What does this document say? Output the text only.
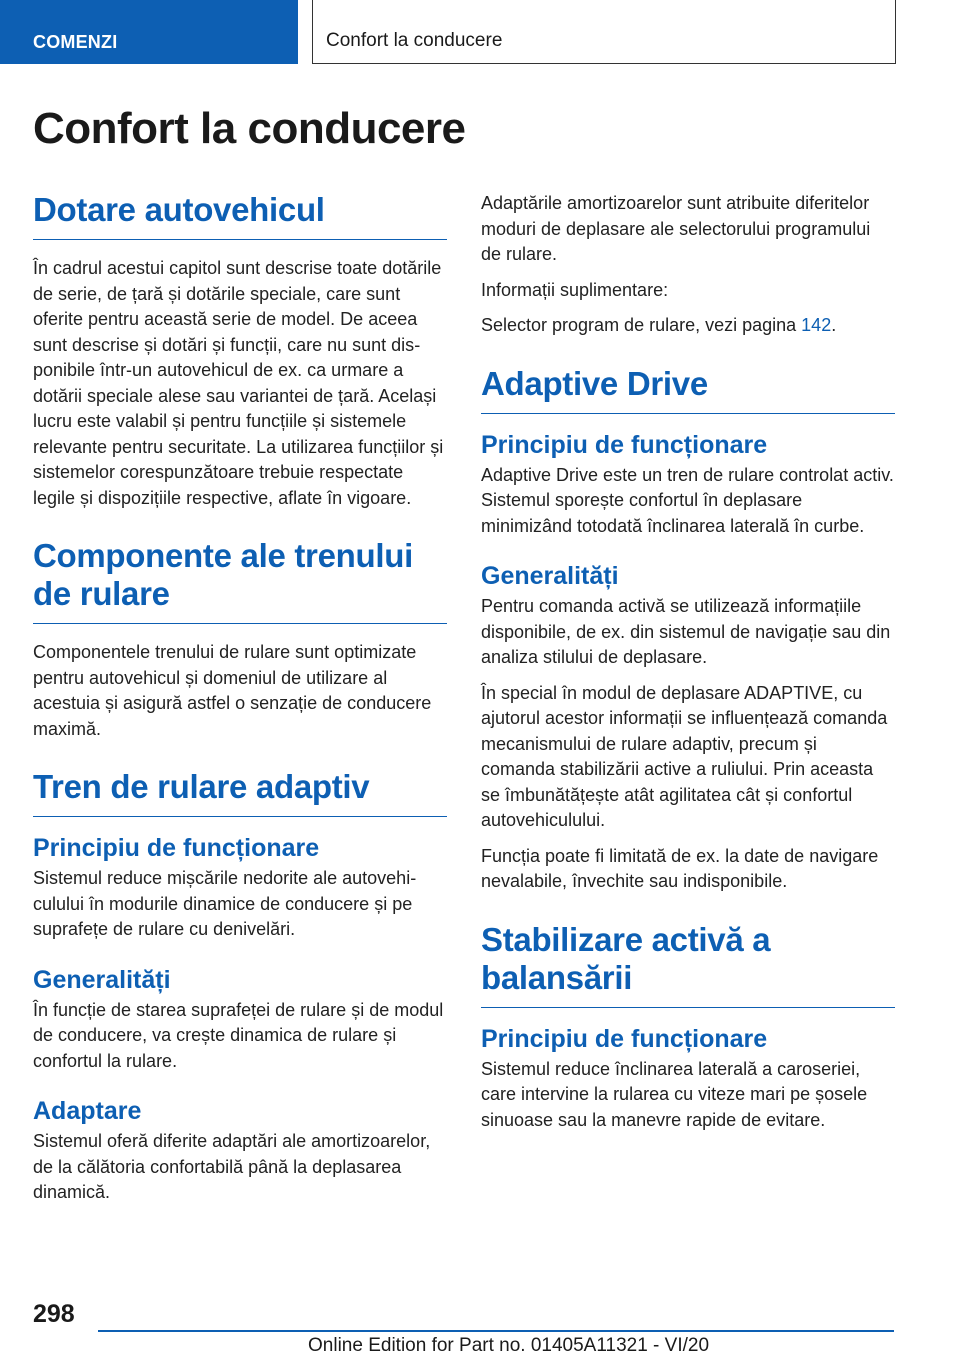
COMENZI	Confort la conducere
Confort la conducere
Dotare autovehicul

În cadrul acestui capitol sunt descrise toate dotările de serie, de țară și dotările speciale, care sunt oferite pentru această serie de model. De aceea sunt descrise și dotări și funcții, care nu sunt disponibile într-un autovehicul de ex. ca urmare a dotării speciale alese sau variantei de țară. Același lucru este valabil și pentru funcțiile și sistemele relevante pentru securitate. La utilizarea funcțiilor și sistemelor corespunzătoare trebuie respectate legile și dispozițiile respective, aflate în vigoare.

Componente ale trenului de rulare

Componentele trenului de rulare sunt optimizate pentru autovehicul și domeniul de utilizare al acestuia și asigură astfel o senzație de conducere maximă.

Tren de rulare adaptiv
Principiu de funcționare

Sistemul reduce mișcările nedorite ale autovehiculului în modurile dinamice de conducere și pe suprafețe de rulare cu denivelări.

Generalități

În funcție de starea suprafeței de rulare și de modul de conducere, va crește dinamica de rulare și confortul la rulare.

Adaptare

Sistemul oferă diferite adaptări ale amortizoarelor, de la călătoria confortabilă până la deplasarea dinamică.

Adaptările amortizoarelor sunt atribuite diferitelor moduri de deplasare ale selectorului programului de rulare.

Informații suplimentare:

Selector program de rulare, vezi pagina 142.

Adaptive Drive
Principiu de funcționare

Adaptive Drive este un tren de rulare controlat activ. Sistemul sporește confortul în deplasare minimizând totodată înclinarea laterală în curbe.

Generalități

Pentru comanda activă se utilizează informațiile disponibile, de ex. din sistemul de navigație sau din analiza stilului de deplasare.

În special în modul de deplasare ADAPTIVE, cu ajutorul acestor informații se influențează comanda mecanismului de rulare adaptiv, precum și comanda stabilizării active a ruliului. Prin aceasta se îmbunătățește atât agilitatea cât și confortul autovehiculului.

Funcția poate fi limitată de ex. la date de navigare nevalabile, învechite sau indisponibile.

Stabilizare activă a balansării
Principiu de funcționare

Sistemul reduce înclinarea laterală a caroseriei, care intervine la rularea cu viteze mari pe șosele sinuoase sau la manevre rapide de evitare.

298
Online Edition for Part no. 01405A11321 - VI/20
